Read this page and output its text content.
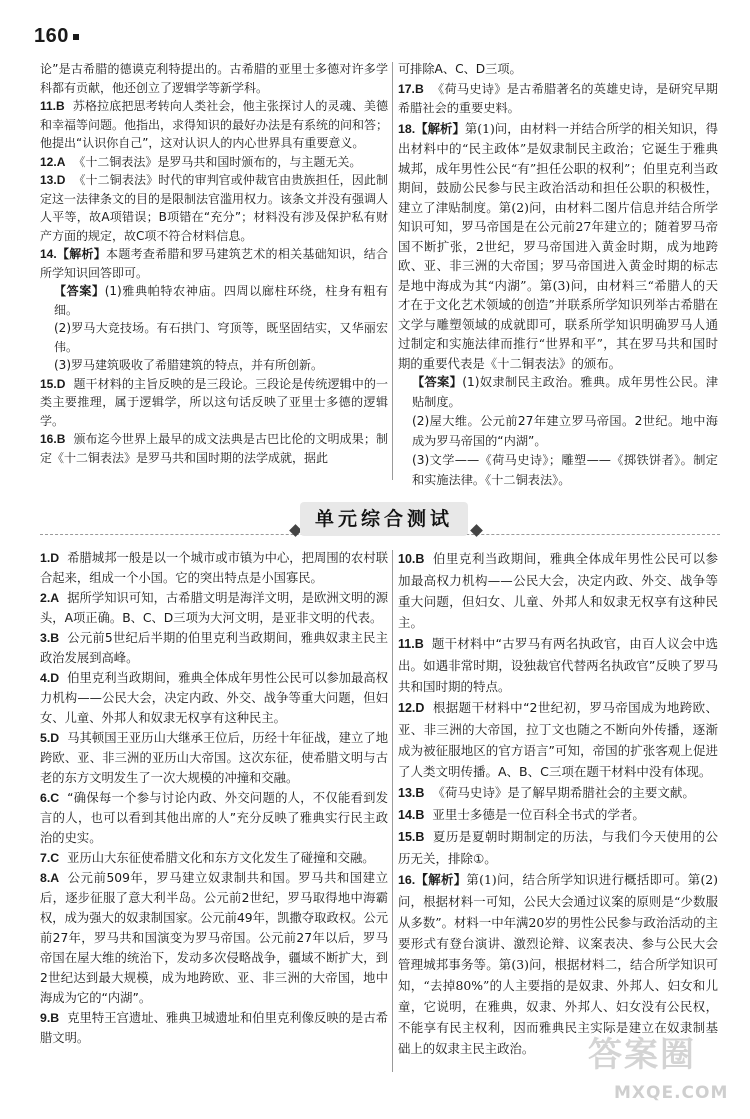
160
论”是古希腊的德谟克利特提出的。古希腊的亚里士多德对许多学科都有贡献，他还创立了逻辑学等新学科。
11.B 苏格拉底把思考转向人类社会，他主张探讨人的灵魂、美德和幸福等问题。他指出，求得知识的最好办法是有系统的问和答；他提出“认识你自己”，这对认识人的内心世界具有重要意义。
12.A 《十二铜表法》是罗马共和国时颁布的，与主题无关。
13.D 《十二铜表法》时代的审判官或仲裁官由贵族担任，因此制定这一法律条文的目的是限制法官滥用权力。该条文并没有强调人人平等，故A项错误；B项错在“充分”；材料没有涉及保护私有财产方面的规定，故C项不符合材料信息。
14.【解析】本题考查希腊和罗马建筑艺术的相关基础知识，结合所学知识回答即可。
【答案】(1)雅典帕特农神庙。四周以廊柱环绕，柱身有粗有细。
(2)罗马大竞技场。有石拱门、穹顶等，既坚固结实，又华丽宏伟。
(3)罗马建筑吸收了希腊建筑的特点，并有所创新。
15.D 题干材料的主旨反映的是三段论。三段论是传统逻辑中的一类主要推理，属于逻辑学，所以这句话反映了亚里士多德的逻辑学。
16.B 颁布迄今世界上最早的成文法典是古巴比伦的文明成果；制定《十二铜表法》是罗马共和国时期的法学成就，据此
可排除A、C、D三项。
17.B 《荷马史诗》是古希腊著名的英雄史诗，是研究早期希腊社会的重要史料。
18.【解析】第(1)问，由材料一并结合所学的相关知识，得出材料中的“民主政体”是奴隶制民主政治；它诞生于雅典城邦，成年男性公民“有”担任公职的权利”；伯里克利当政期间，鼓励公民参与民主政治活动和担任公职的积极性，建立了津贴制度。第(2)问，由材料二图片信息并结合所学知识可知，罗马帝国是在公元前27年建立的；随着罗马帝国不断扩张，2世纪，罗马帝国进入黄金时期，成为地跨欧、亚、非三洲的大帝国；罗马帝国进入黄金时期的标志是地中海成为其“内湖”。第(3)问，由材料三“希腊人的天才在于文化艺术领域的创造”并联系所学知识列举古希腊在文学与雕塑领域的成就即可，联系所学知识明确罗马人通过制定和实施法律而推行“世界和平”，其在罗马共和国时期的重要代表是《十二铜表法》的颁布。
【答案】(1)奴隶制民主政治。雅典。成年男性公民。津贴制度。
(2)屋大维。公元前27年建立罗马帝国。2世纪。地中海成为罗马帝国的“内湖”。
(3)文学——《荷马史诗》；雕塑——《掷铁饼者》。制定和实施法律。《十二铜表法》。
单元综合测试
1.D 希腊城邦一般是以一个城市或市镇为中心，把周围的农村联合起来，组成一个小国。它的突出特点是小国寡民。
2.A 据所学知识可知，古希腊文明是海洋文明，是欧洲文明的源头，A项正确。B、C、D三项为大河文明，是亚非文明的代表。
3.B 公元前5世纪后半期的伯里克利当政期间，雅典奴隶主民主政治发展到高峰。
4.D 伯里克利当政期间，雅典全体成年男性公民可以参加最高权力机构——公民大会，决定内政、外交、战争等重大问题，但妇女、儿童、外邦人和奴隶无权享有这种民主。
5.D 马其顿国王亚历山大继承王位后，历经十年征战，建立了地跨欧、亚、非三洲的亚历山大帝国。这次东征，使希腊文明与古老的东方文明发生了一次大规模的冲撞和交融。
6.C “确保每一个参与讨论内政、外交问题的人，不仅能看到发言的人，也可以看到其他出席的人”充分反映了雅典实行民主政治的史实。
7.C 亚历山大东征使希腊文化和东方文化发生了碰撞和交融。
8.A 公元前509年，罗马建立奴隶制共和国。罗马共和国建立后，逐步征服了意大利半岛。公元前2世纪，罗马取得地中海霸权，成为强大的奴隶制国家。公元前49年，凯撒夺取政权。公元前27年，罗马共和国演变为罗马帝国。公元前27年以后，罗马帝国在屋大维的统治下，发动多次侵略战争，疆域不断扩大，到2世纪达到最大规模，成为地跨欧、亚、非三洲的大帝国，地中海成为它的“内湖”。
9.B 克里特王宫遗址、雅典卫城遗址和伯里克利像反映的是古希腊文明。
10.B 伯里克利当政期间，雅典全体成年男性公民可以参加最高权力机构——公民大会，决定内政、外交、战争等重大问题，但妇女、儿童、外邦人和奴隶无权享有这种民主。
11.B 题干材料中“古罗马有两名执政官，由百人议会中选出。如遇非常时期，设独裁官代替两名执政官”反映了罗马共和国时期的特点。
12.D 根据题干材料中“2世纪初，罗马帝国成为地跨欧、亚、非三洲的大帝国，拉丁文也随之不断向外传播，逐渐成为被征服地区的官方语言”可知，帝国的扩张客观上促进了人类文明传播。A、B、C三项在题干材料中没有体现。
13.B 《荷马史诗》是了解早期希腊社会的主要文献。
14.B 亚里士多德是一位百科全书式的学者。
15.B 夏历是夏朝时期制定的历法，与我们今天使用的公历无关，排除①。
16.【解析】第(1)问，结合所学知识进行概括即可。第(2)问，根据材料一可知，公民大会通过议案的原则是“少数服从多数”。材料一中年满20岁的男性公民参与政治活动的主要形式有登台演讲、激烈论辩、议案表决、参与公民大会管理城邦事务等。第(3)问，根据材料二，结合所学知识可知，“去掉80%”的人主要指的是奴隶、外邦人、妇女和儿童，它说明，在雅典，奴隶、外邦人、妇女没有公民权，不能享有民主权利，因而雅典民主实际是建立在奴隶制基础上的奴隶主民主政治。	答案圈
MXQE.COM
